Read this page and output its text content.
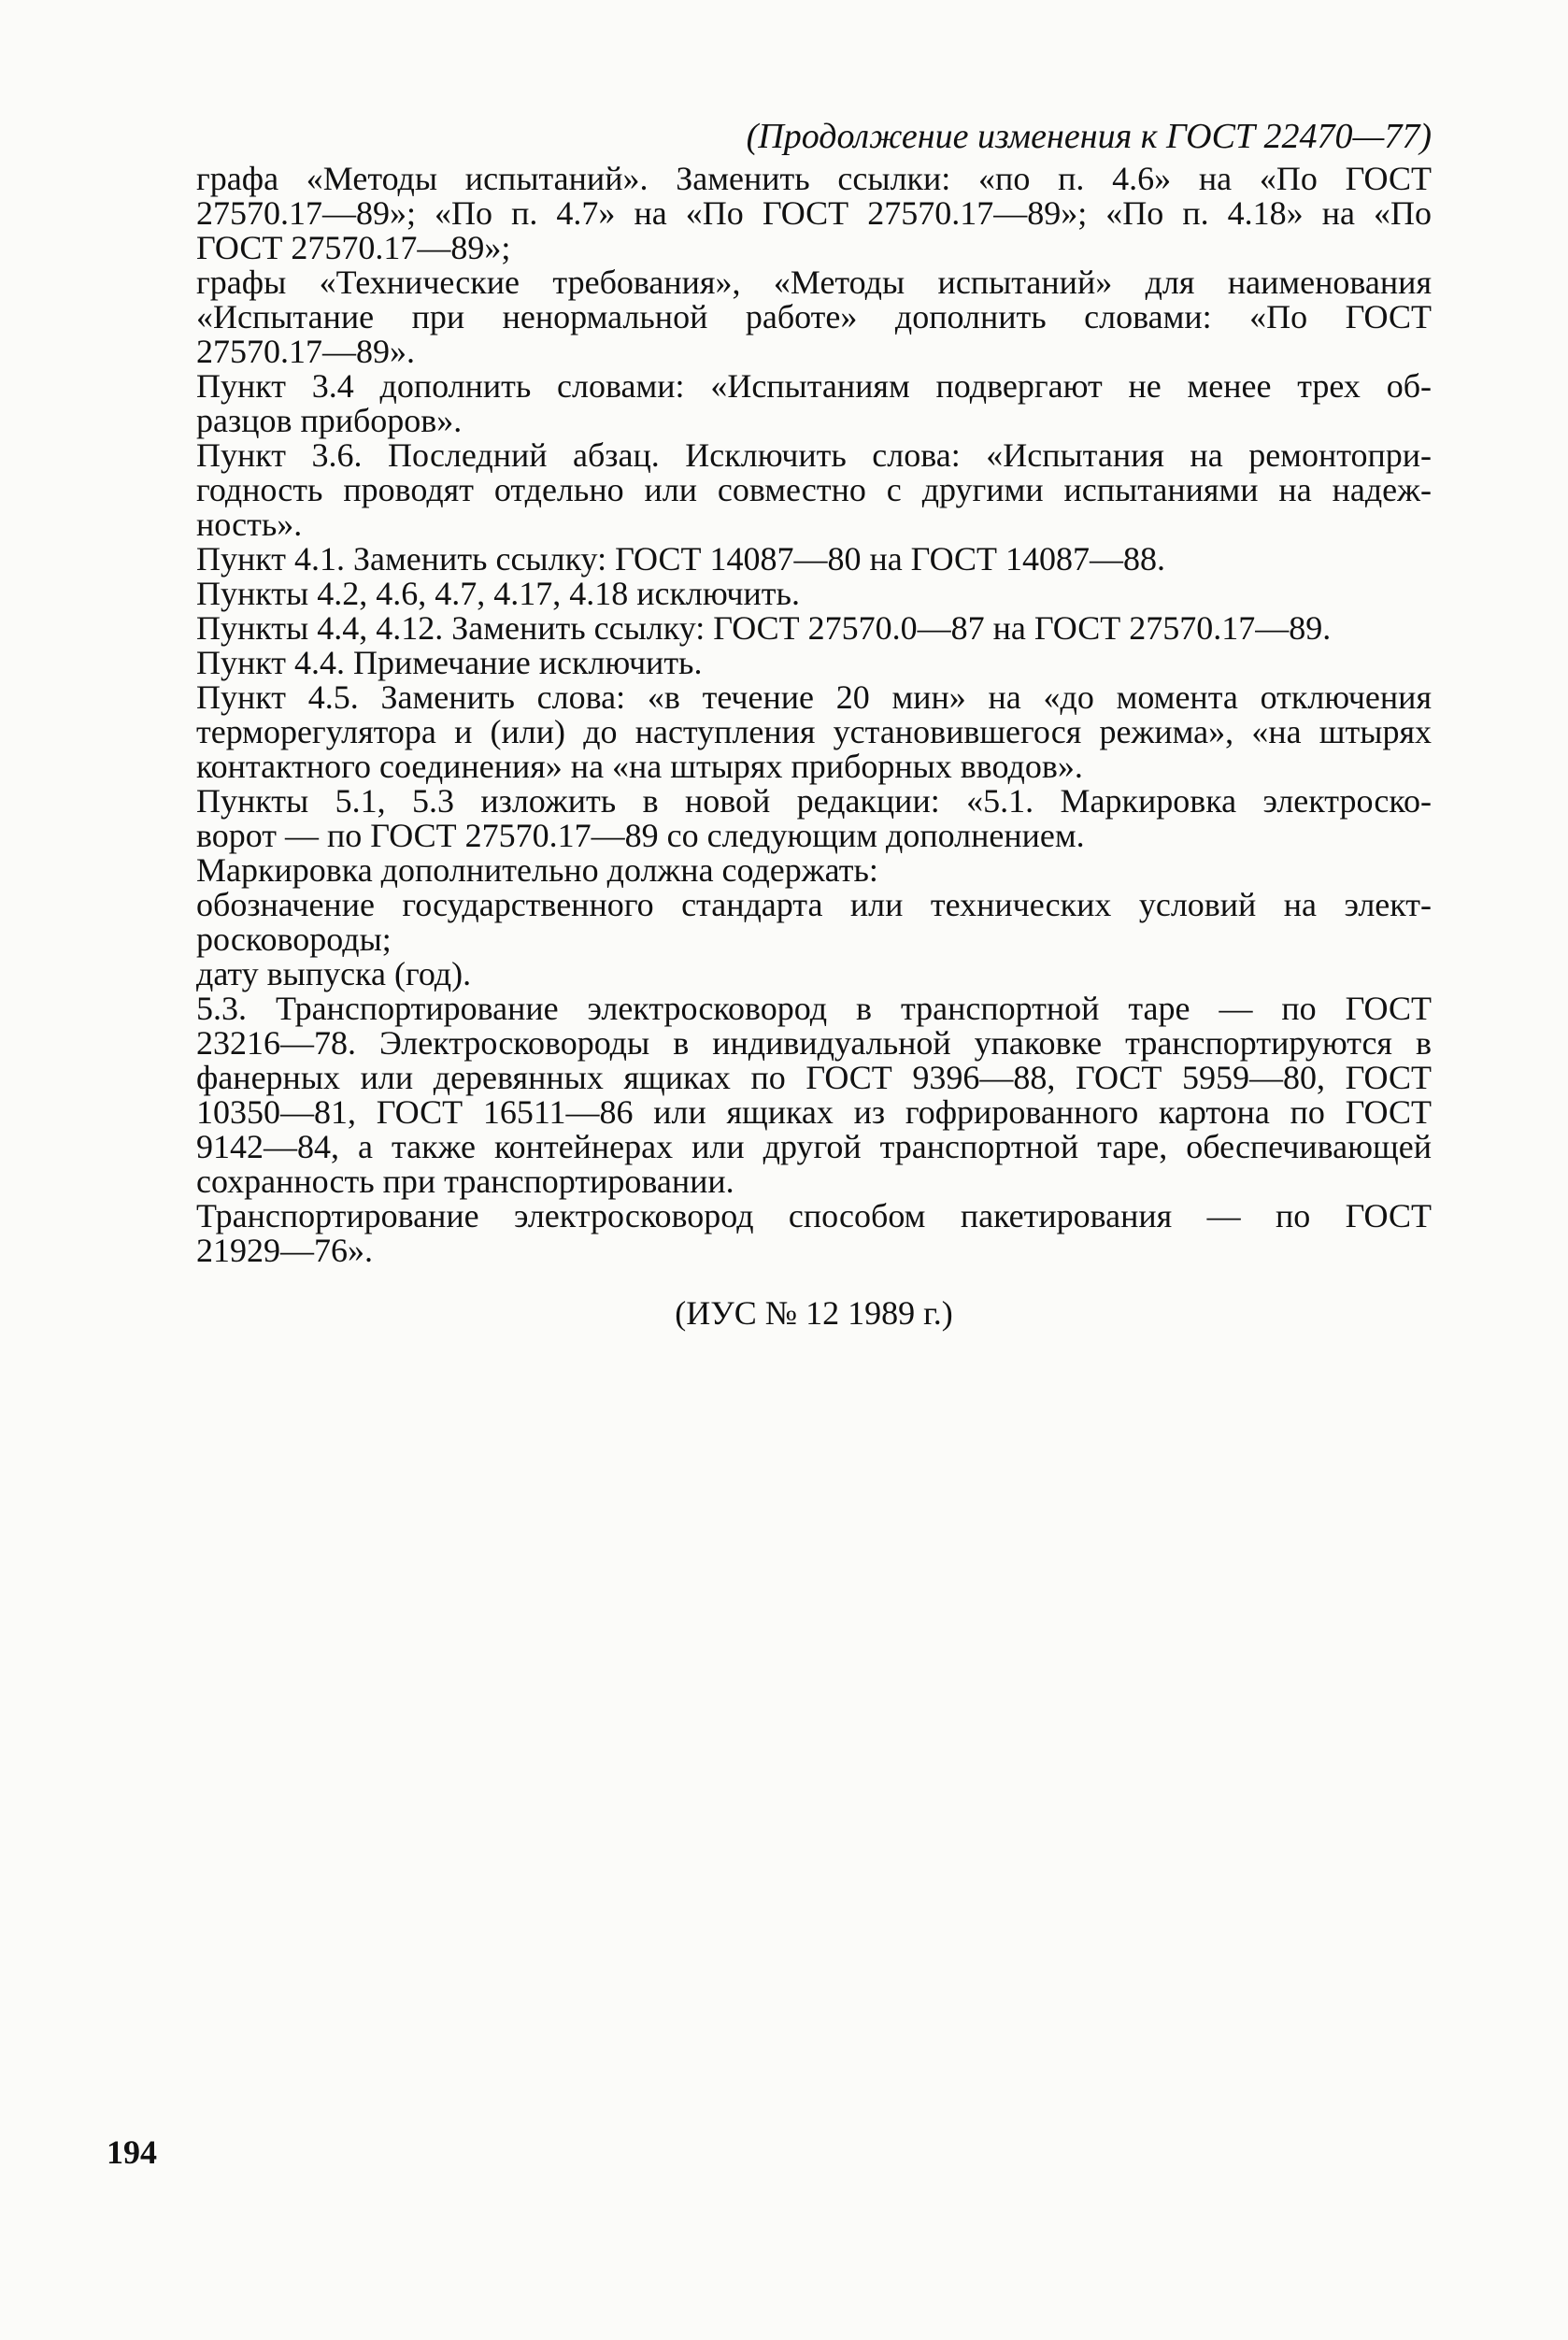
(Продолжение изменения к ГОСТ 22470—77)
графа «Методы испытаний». Заменить ссылки: «по п. 4.6» на «По ГОСТ
27570.17—89»; «По п. 4.7» на «По ГОСТ 27570.17—89»; «По п. 4.18» на «По
ГОСТ 27570.17—89»;
графы «Технические требования», «Методы испытаний» для наименования
«Испытание при ненормальной работе» дополнить словами: «По ГОСТ
27570.17—89».
Пункт 3.4 дополнить словами: «Испытаниям подвергают не менее трех об-
разцов приборов».
Пункт 3.6. Последний абзац. Исключить слова: «Испытания на ремонтопри-
годность проводят отдельно или совместно с другими испытаниями на надеж-
ность».
Пункт 4.1. Заменить ссылку: ГОСТ 14087—80 на ГОСТ 14087—88.
Пункты 4.2, 4.6, 4.7, 4.17, 4.18 исключить.
Пункты 4.4, 4.12. Заменить ссылку: ГОСТ 27570.0—87 на ГОСТ 27570.17—89.
Пункт 4.4. Примечание исключить.
Пункт 4.5. Заменить слова: «в течение 20 мин» на «до момента отключения
терморегулятора и (или) до наступления установившегося режима», «на штырях
контактного соединения» на «на штырях приборных вводов».
Пункты 5.1, 5.3 изложить в новой редакции: «5.1. Маркировка электроско-
ворот — по ГОСТ 27570.17—89 со следующим дополнением.
Маркировка дополнительно должна содержать:
обозначение государственного стандарта или технических условий на элект-
росковороды;
дату выпуска (год).
5.3. Транспортирование электросковород в транспортной таре — по ГОСТ
23216—78. Электросковороды в индивидуальной упаковке транспортируются в
фанерных или деревянных ящиках по ГОСТ 9396—88, ГОСТ 5959—80, ГОСТ
10350—81, ГОСТ 16511—86 или ящиках из гофрированного картона по ГОСТ
9142—84, а также контейнерах или другой транспортной таре, обеспечивающей
сохранность при транспортировании.
Транспортирование электросковород способом пакетирования — по ГОСТ
21929—76».
(ИУС № 12 1989 г.)
194
